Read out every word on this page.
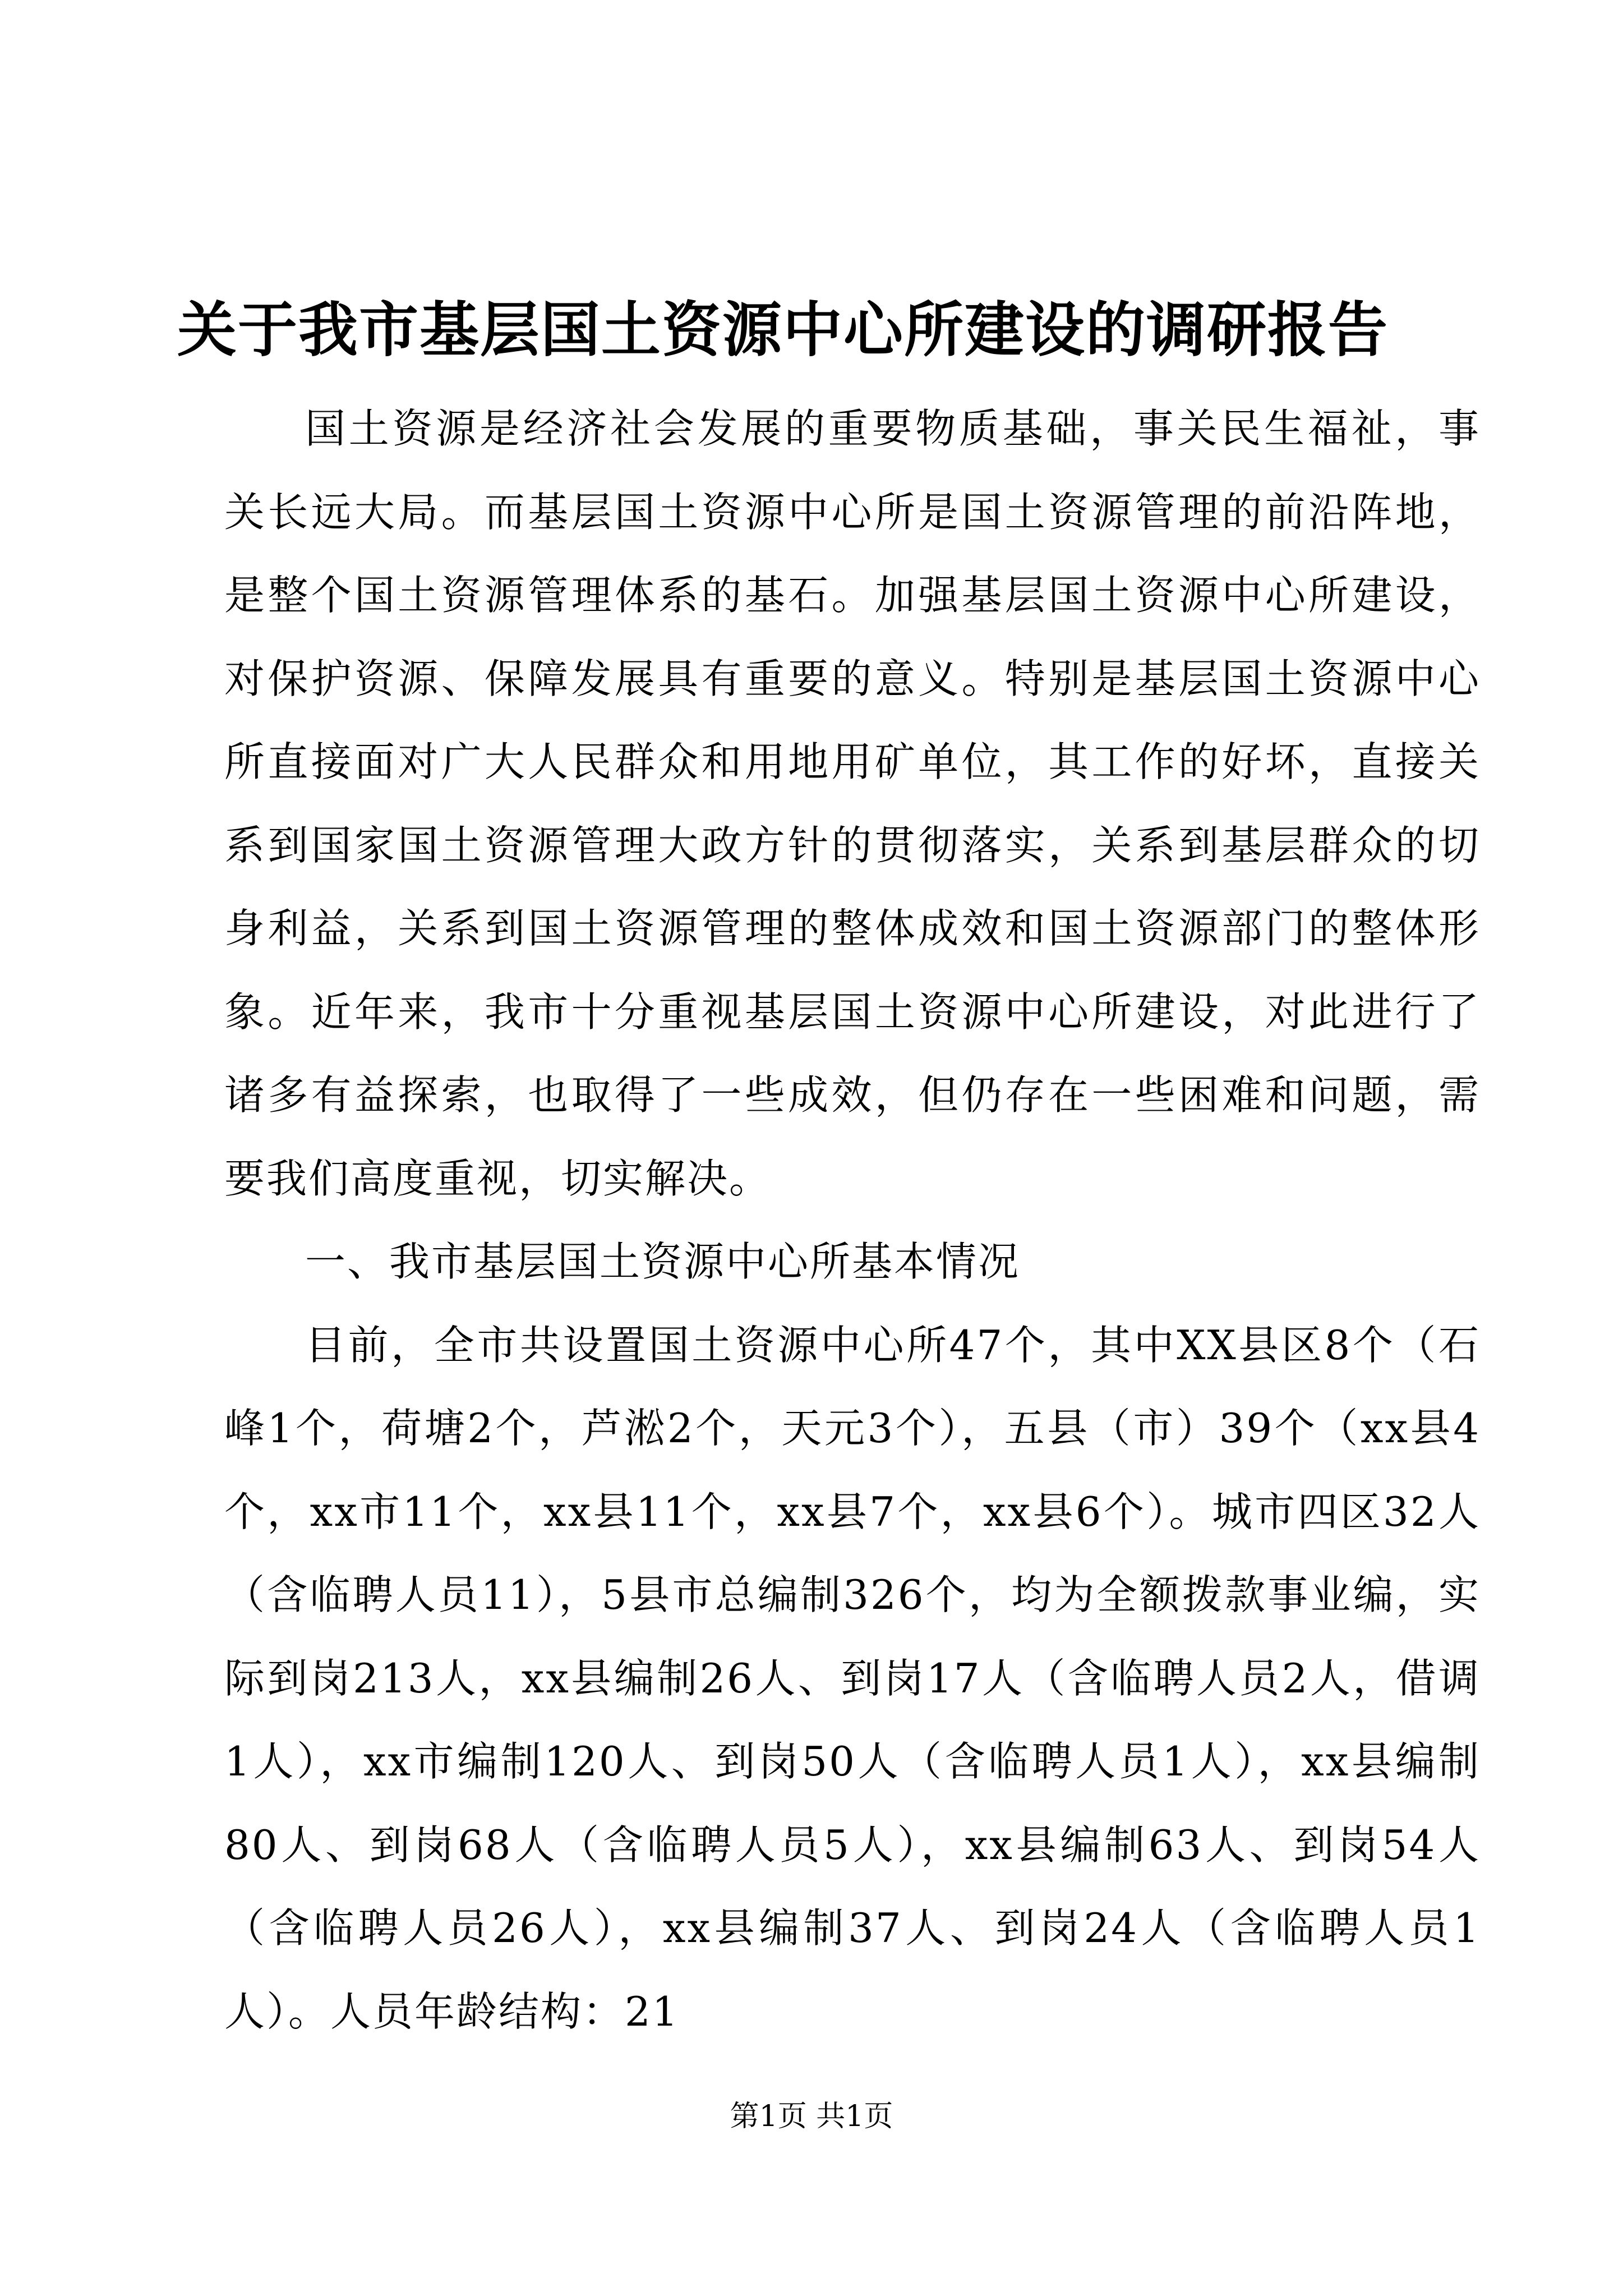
关于我市基层国土资源中心所建设的调研报告

国土资源是经济社会发展的重要物质基础，事关民生福祉，事关长远大局。而基层国土资源中心所是国土资源管理的前沿阵地，是整个国土资源管理体系的基石。加强基层国土资源中心所建设，对保护资源、保障发展具有重要的意义。特别是基层国土资源中心所直接面对广大人民群众和用地用矿单位，其工作的好坏，直接关系到国家国土资源管理大政方针的贯彻落实，关系到基层群众的切身利益，关系到国土资源管理的整体成效和国土资源部门的整体形象。近年来，我市十分重视基层国土资源中心所建设，对此进行了诸多有益探索，也取得了一些成效，但仍存在一些困难和问题，需要我们高度重视，切实解决。

一、我市基层国土资源中心所基本情况

目前，全市共设置国土资源中心所47个，其中XX县区8个（石峰1个，荷塘2个，芦淞2个，天元3个），五县（市）39个（xx县4个，xx市11个，xx县11个，xx县7个，xx县6个）。城市四区32人（含临聘人员11），5县市总编制326个，均为全额拨款事业编，实际到岗213人，xx县编制26人、到岗17人（含临聘人员2人，借调1人），xx市编制120人、到岗50人（含临聘人员1人），xx县编制80人、到岗68人（含临聘人员5人），xx县编制63人、到岗54人（含临聘人员26人），xx县编制37人、到岗24人（含临聘人员1人）。人员年龄结构：21

第1页 共1页
